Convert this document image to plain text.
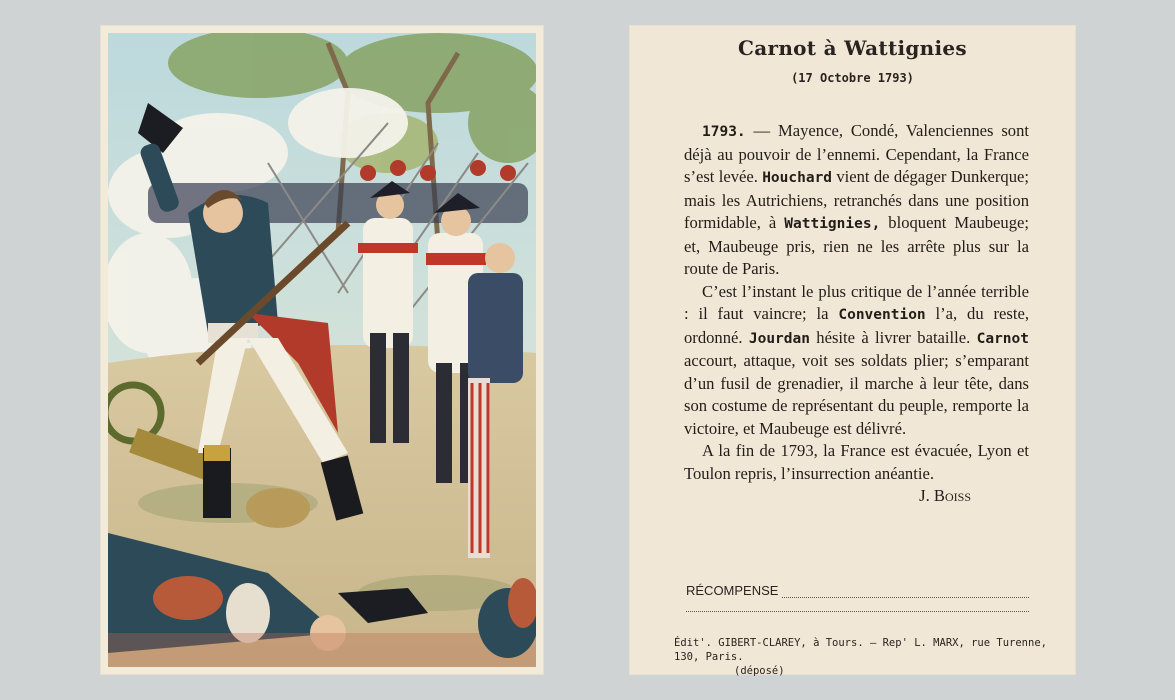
Carnot à Wattignies
(17 Octobre 1793)

1793. — Mayence, Condé, Valenciennes sont déjà au pouvoir de l’ennemi. Cependant, la France s’est levée. Houchard vient de dégager Dunkerque; mais les Autrichiens, retranchés dans une position formidable, à Wattignies, bloquent Maubeuge; et, Maubeuge pris, rien ne les arrête plus sur la route de Paris.

C’est l’instant le plus critique de l’année terrible : il faut vaincre; la Convention l’a, du reste, ordonné. Jourdan hésite à livrer bataille. Carnot accourt, attaque, voit ses soldats plier; s’emparant d’un fusil de grenadier, il marche à leur tête, dans son costume de représentant du peuple, remporte la victoire, et Maubeuge est délivré.

A la fin de 1793, la France est évacuée, Lyon et Toulon repris, l’insurrection anéantie.
J. Boiss

RÉCOMPENSE
Édit'. GIBERT-CLAREY, à Tours. — Rep' L. MARX, rue Turenne, 130, Paris.
(déposé)
